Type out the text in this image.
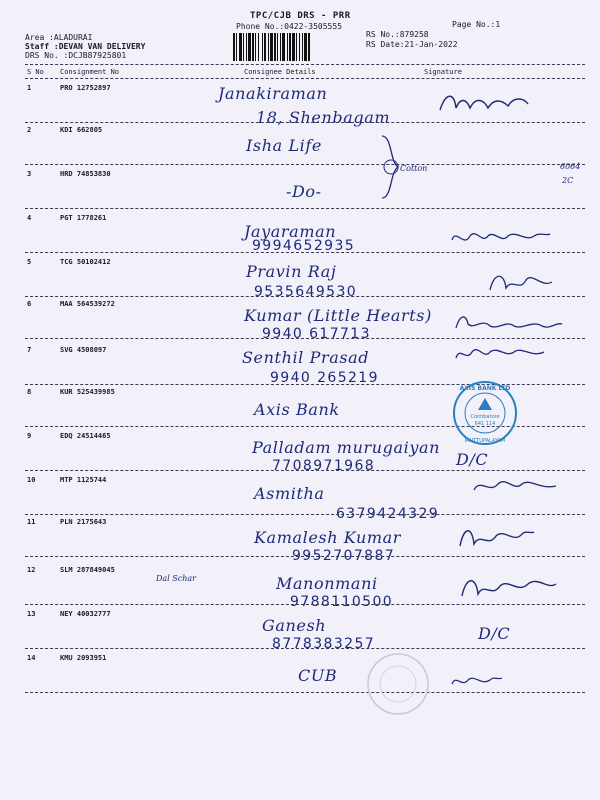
TPC/CJB DRS - PRR
Phone No.:0422-3505555	Page No.:1
Area :ALADURAI
Staff :DEVAN VAN DELIVERY
DRS No. :DCJB87925801
RS No.:879258
RS Date:21-Jan-2022
S No Consignment No	Consignee Details	Signature
1	PRO 12752897	Janakiraman
18, Shenbagam
2	KDI 662805
Isha Life
3	HRD 74853830
-Do-
4	PGT 1778261
Jayaraman
9994652935
5	TCG 50102412	Pravin Raj
9535649530
6	MAA 564539272
Kumar (Little Hearts)
9940 617713
7	SVG 4508097	Senthil Prasad
9940 265219
8	KUR 525439985
Axis Bank
9	EDQ 24514465
Palladam murugaiyan
7708971968
10	MTP 1125744
Asmitha
6379424329
11	PLN 2175643
Kamalesh Kumar
9952707887
12	SLM 287849045
Manonmani
9788110500
13	NEY 40032777
Ganesh
8778383257
14	KMU 2093951
CUB
Cotton	6064
2C
D/C
D/C
Dal Schar
Coimbatore
641 114
AXIS BANK LTD
IRUTTUPALAYAM
